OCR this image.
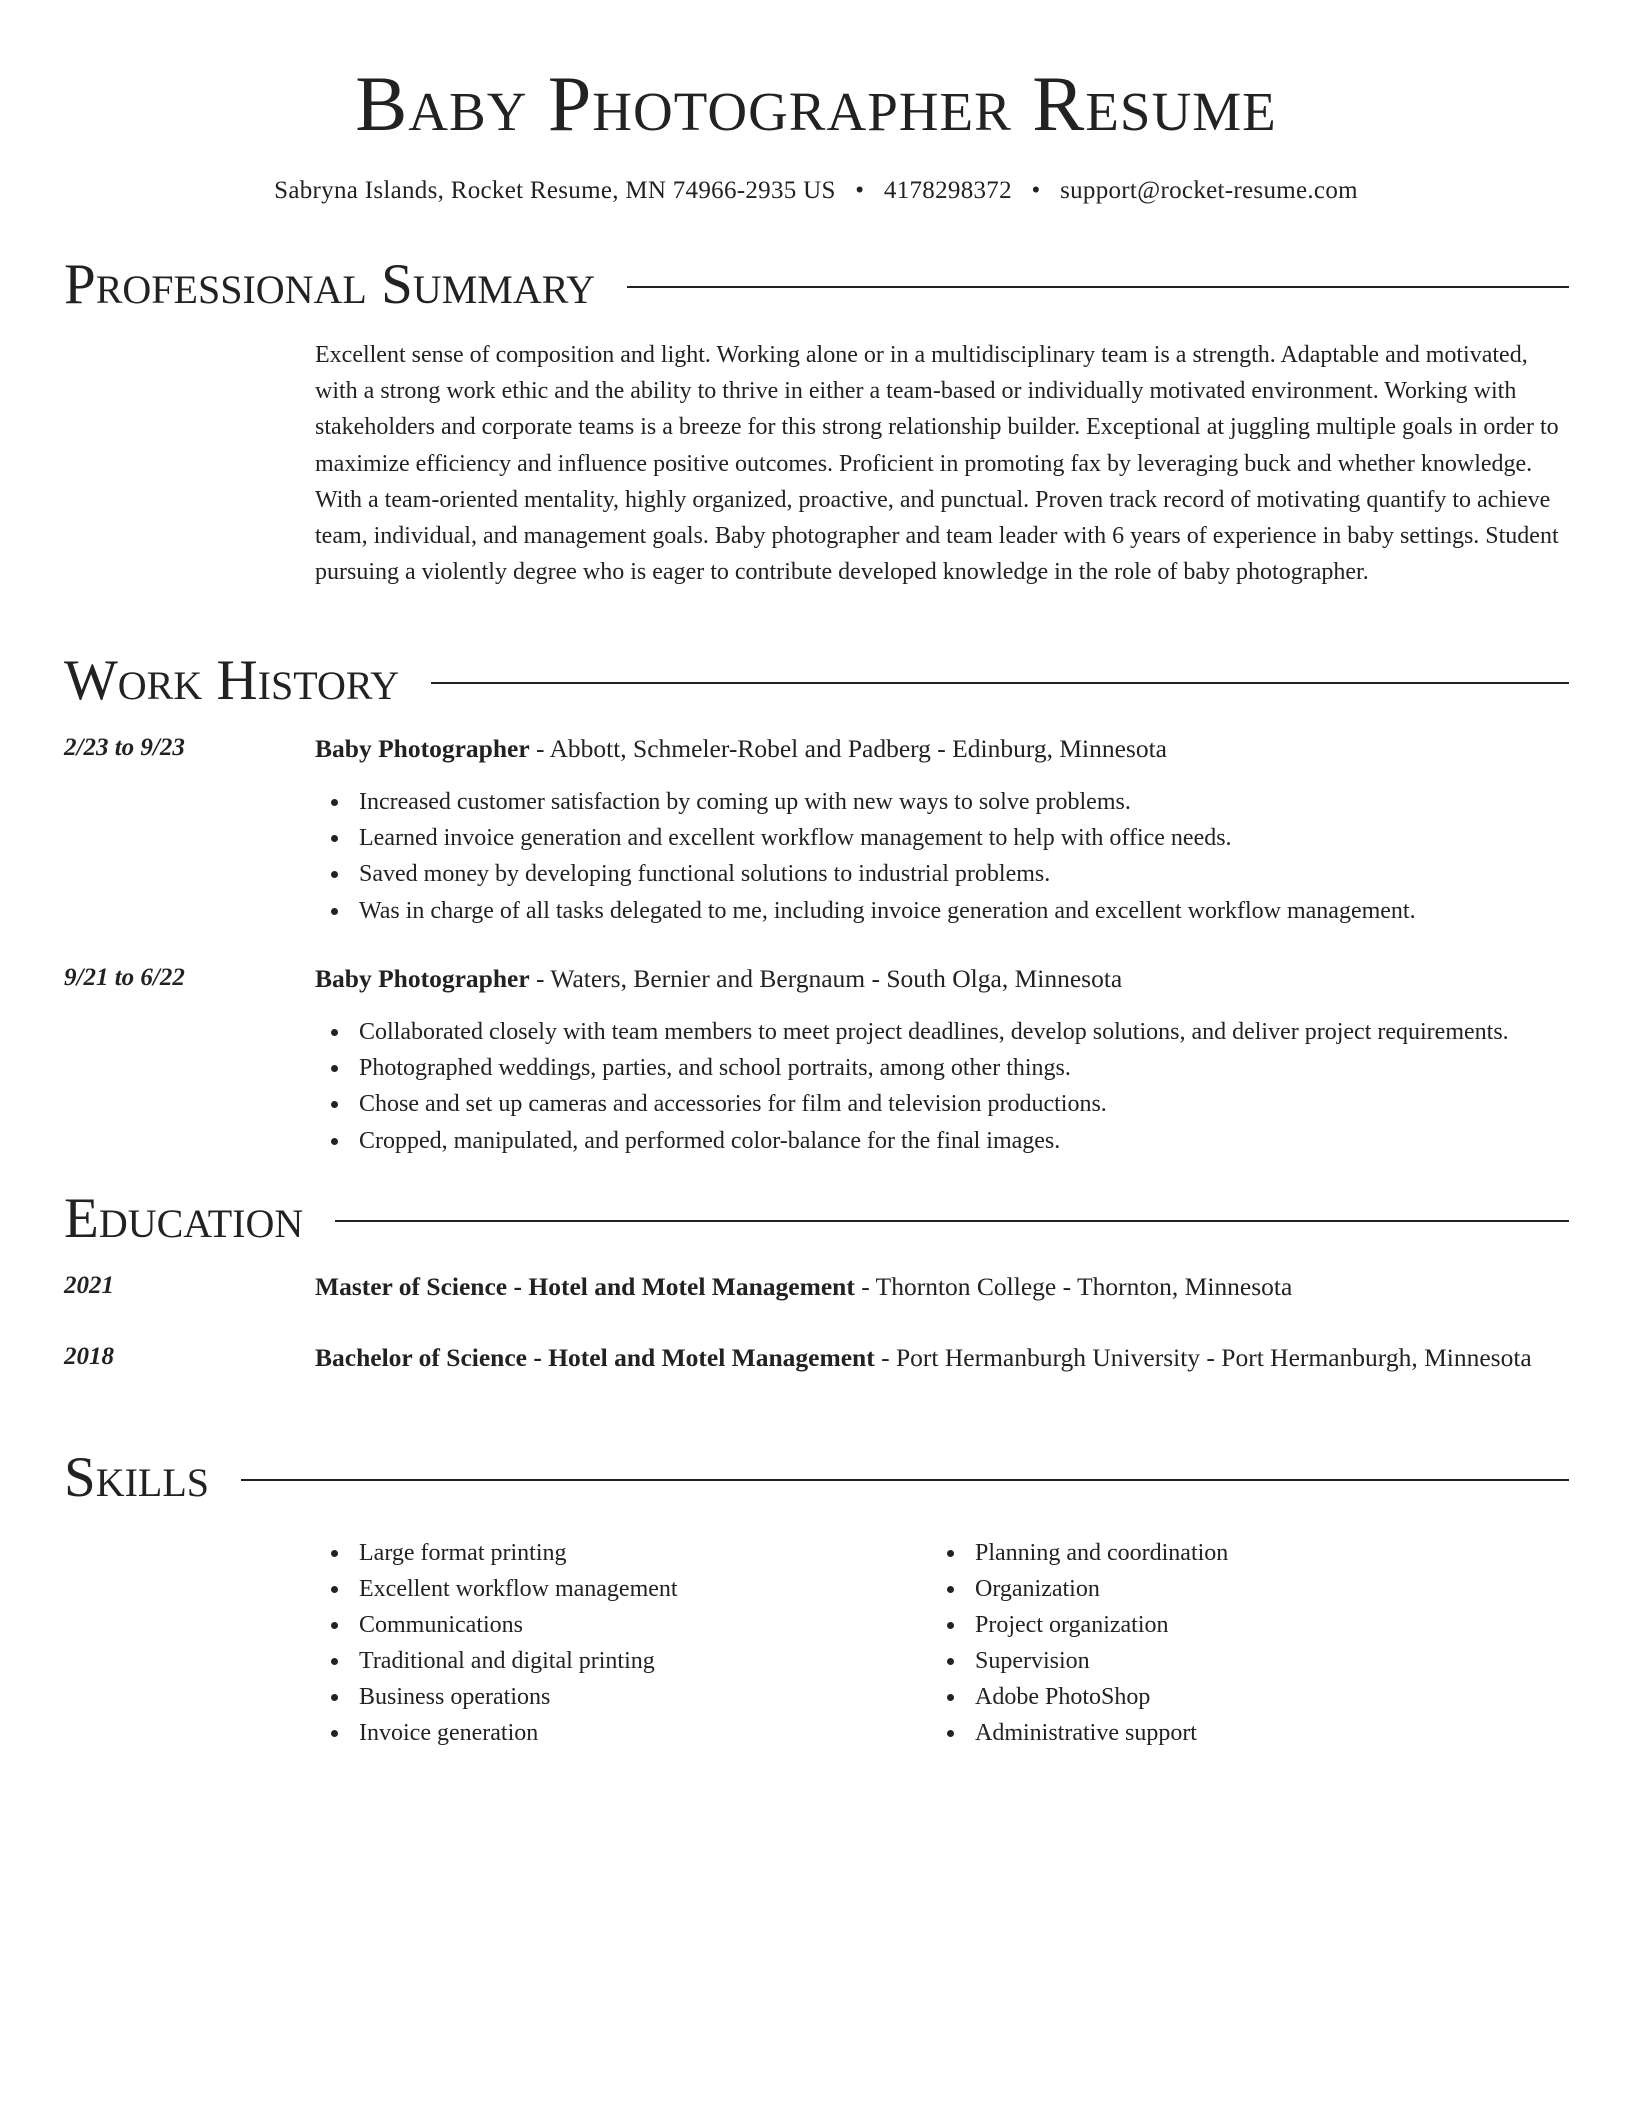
Baby Photographer Resume
Sabryna Islands, Rocket Resume, MN 74966-2935 US • 4178298372 • support@rocket-resume.com
Professional Summary

Excellent sense of composition and light. Working alone or in a multidisciplinary team is a strength. Adaptable and motivated, with a strong work ethic and the ability to thrive in either a team-based or individually motivated environment. Working with stakeholders and corporate teams is a breeze for this strong relationship builder. Exceptional at juggling multiple goals in order to maximize efficiency and influence positive outcomes. Proficient in promoting fax by leveraging buck and whether knowledge. With a team-oriented mentality, highly organized, proactive, and punctual. Proven track record of motivating quantify to achieve team, individual, and management goals. Baby photographer and team leader with 6 years of experience in baby settings. Student pursuing a violently degree who is eager to contribute developed knowledge in the role of baby photographer.

Work History
2/23 to 9/23	Baby Photographer - Abbott, Schmeler-Robel and Padberg - Edinburg, Minnesota
Increased customer satisfaction by coming up with new ways to solve problems.
Learned invoice generation and excellent workflow management to help with office needs.
Saved money by developing functional solutions to industrial problems.
Was in charge of all tasks delegated to me, including invoice generation and excellent workflow management.
9/21 to 6/22	Baby Photographer - Waters, Bernier and Bergnaum - South Olga, Minnesota
Collaborated closely with team members to meet project deadlines, develop solutions, and deliver project requirements.
Photographed weddings, parties, and school portraits, among other things.
Chose and set up cameras and accessories for film and television productions.
Cropped, manipulated, and performed color-balance for the final images.
Education
2021	Master of Science - Hotel and Motel Management - Thornton College - Thornton, Minnesota
2018	Bachelor of Science - Hotel and Motel Management - Port Hermanburgh University - Port Hermanburgh, Minnesota
Skills
Large format printing
Excellent workflow management
Communications
Traditional and digital printing
Business operations
Invoice generation
Planning and coordination
Organization
Project organization
Supervision
Adobe PhotoShop
Administrative support
